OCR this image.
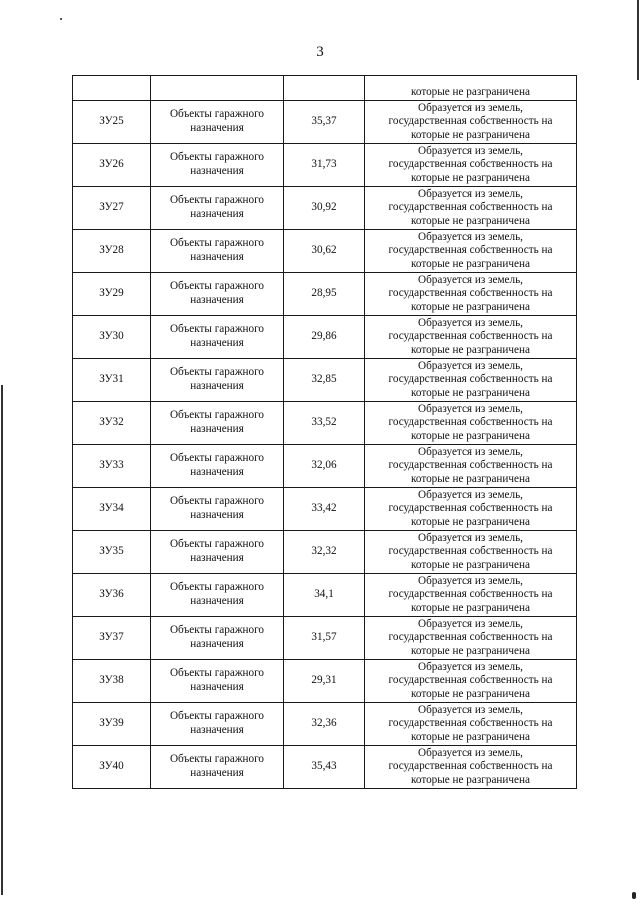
3
			которые не разграничена
ЗУ25	Объекты гаражного назначения	35,37	Образуется из земель,
государственная собственность на
которые не разграничена

ЗУ26	Объекты гаражного назначения	31,73	Образуется из земель,
государственная собственность на
которые не разграничена

ЗУ27	Объекты гаражного назначения	30,92	Образуется из земель,
государственная собственность на
которые не разграничена

ЗУ28	Объекты гаражного назначения	30,62	Образуется из земель,
государственная собственность на
которые не разграничена

ЗУ29	Объекты гаражного назначения	28,95	Образуется из земель,
государственная собственность на
которые не разграничена

ЗУ30	Объекты гаражного назначения	29,86	Образуется из земель,
государственная собственность на
которые не разграничена

ЗУ31	Объекты гаражного назначения	32,85	Образуется из земель,
государственная собственность на
которые не разграничена

ЗУ32	Объекты гаражного назначения	33,52	Образуется из земель,
государственная собственность на
которые не разграничена

ЗУ33	Объекты гаражного назначения	32,06	Образуется из земель,
государственная собственность на
которые не разграничена

ЗУ34	Объекты гаражного назначения	33,42	Образуется из земель,
государственная собственность на
которые не разграничена

ЗУ35	Объекты гаражного назначения	32,32	Образуется из земель,
государственная собственность на
которые не разграничена

ЗУ36	Объекты гаражного назначения	34,1	Образуется из земель,
государственная собственность на
которые не разграничена

ЗУ37	Объекты гаражного назначения	31,57	Образуется из земель,
государственная собственность на
которые не разграничена

ЗУ38	Объекты гаражного назначения	29,31	Образуется из земель,
государственная собственность на
которые не разграничена

ЗУ39	Объекты гаражного назначения	32,36	Образуется из земель,
государственная собственность на
которые не разграничена

ЗУ40	Объекты гаражного назначения	35,43	Образуется из земель,
государственная собственность на
которые не разграничена
